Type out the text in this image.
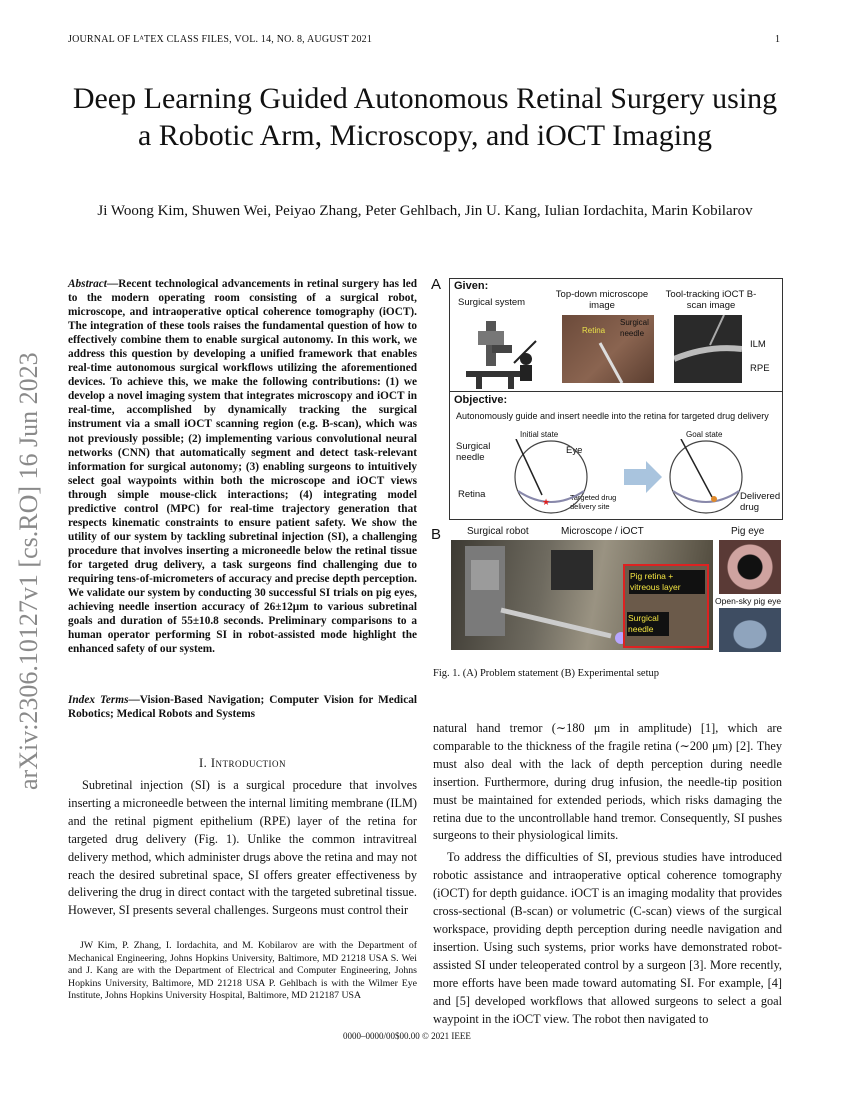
JOURNAL OF LᴬTEX CLASS FILES, VOL. 14, NO. 8, AUGUST 2021	1
arXiv:2306.10127v1 [cs.RO] 16 Jun 2023
Deep Learning Guided Autonomous Retinal Surgery using a Robotic Arm, Microscopy, and iOCT Imaging
Ji Woong Kim, Shuwen Wei, Peiyao Zhang, Peter Gehlbach, Jin U. Kang, Iulian Iordachita, Marin Kobilarov
Abstract—Recent technological advancements in retinal surgery has led to the modern operating room consisting of a surgical robot, microscope, and intraoperative optical coherence tomography (iOCT). The integration of these tools raises the fundamental question of how to effectively combine them to enable surgical autonomy. In this work, we address this question by developing a unified framework that enables real-time autonomous surgical workflows utilizing the aforementioned devices. To achieve this, we make the following contributions: (1) we develop a novel imaging system that integrates microscopy and iOCT in real-time, accomplished by dynamically tracking the surgical instrument via a small iOCT scanning region (e.g. B-scan), which was not previously possible; (2) implementing various convolutional neural networks (CNN) that automatically segment and detect task-relevant information for surgical autonomy; (3) enabling surgeons to intuitively select goal waypoints within both the microscope and iOCT views through simple mouse-click interactions; (4) integrating model predictive control (MPC) for real-time trajectory generation that respects kinematic constraints to ensure patient safety. We show the utility of our system by tackling subretinal injection (SI), a challenging procedure that involves inserting a microneedle below the retinal tissue for targeted drug delivery, a task surgeons find challenging due to requiring tens-of-micrometers of accuracy and precise depth perception. We validate our system by conducting 30 successful SI trials on pig eyes, achieving needle insertion accuracy of 26±12μm to various subretinal goals and duration of 55±10.8 seconds. Preliminary comparisons to a human operator performing SI in robot-assisted mode highlight the enhanced safety of our system.
Index Terms—Vision-Based Navigation; Computer Vision for Medical Robotics; Medical Robots and Systems
I. Introduction
Subretinal injection (SI) is a surgical procedure that involves inserting a microneedle between the internal limiting membrane (ILM) and the retinal pigment epithelium (RPE) layer of the retina for targeted drug delivery (Fig. 1). Unlike the common intravitreal delivery method, which administer drugs above the retina and may not reach the desired subretinal space, SI offers greater effectiveness by delivering the drug in direct contact with the targeted subretinal tissue. However, SI presents several challenges. Surgeons must control their
JW Kim, P. Zhang, I. Iordachita, and M. Kobilarov are with the Department of Mechanical Engineering, Johns Hopkins University, Baltimore, MD 21218 USA S. Wei and J. Kang are with the Department of Electrical and Computer Engineering, Johns Hopkins University, Baltimore, MD 21218 USA P. Gehlbach is with the Wilmer Eye Institute, Johns Hopkins University Hospital, Baltimore, MD 212187 USA
0000–0000/00$00.00 © 2021 IEEE

natural hand tremor (∼180 μm in amplitude) [1], which are comparable to the thickness of the fragile retina (∼200 μm) [2]. They must also deal with the lack of depth perception during needle insertion. Furthermore, during drug infusion, the needle-tip position must be maintained for extended periods, which risks damaging the retina due to the uncontrollable hand tremor. Consequently, SI pushes surgeons to their physiological limits.

To address the difficulties of SI, previous studies have introduced robotic assistance and intraoperative optical coherence tomography (iOCT) for depth guidance. iOCT is an imaging modality that provides cross-sectional (B-scan) or volumetric (C-scan) views of the surgical workspace, providing depth perception during needle navigation and insertion. Using such systems, prior works have demonstrated robot-assisted SI under teleoperated control by a surgeon [3]. More recently, more efforts have been made toward automating SI. For example, [4] and [5] developed workflows that allowed surgeons to select a goal waypoint in the iOCT view. The robot then navigated to

A Given:
Surgical system
Top-down microscope image
Retina
Surgical needle
Tool-tracking iOCT B-scan image
ILM
RPE
Objective:
Autonomously guide and insert needle into the retina for targeted drug delivery
Initial state	Goal state
Surgical needle
Eye
Retina	Targeted drug delivery site
Delivered drug
★
B	Surgical robot	Microscope / iOCT	Pig eye
Pig retina + vitreous layer
Surgical needle
Open-sky pig eye
Fig. 1. (A) Problem statement (B) Experimental setup
